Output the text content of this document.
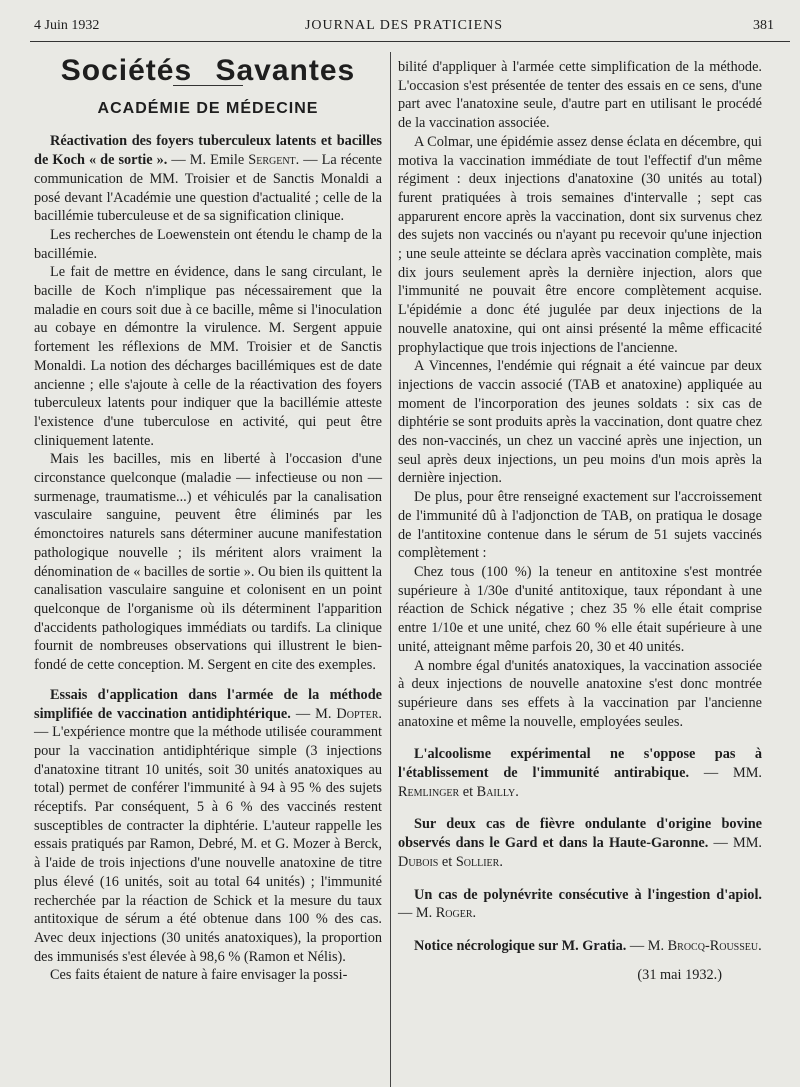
4 Juin 1932	JOURNAL DES PRATICIENS	381
Sociétés Savantes
ACADÉMIE DE MÉDECINE

Réactivation des foyers tuberculeux latents et bacilles de Koch « de sortie ». — M. Emile Sergent. — La récente communication de MM. Troisier et de Sanctis Monaldi a posé devant l'Académie une question d'actualité ; celle de la bacillémie tuberculeuse et de sa signification clinique.

Les recherches de Loewenstein ont étendu le champ de la bacillémie.

Le fait de mettre en évidence, dans le sang circulant, le bacille de Koch n'implique pas nécessairement que la maladie en cours soit due à ce bacille, même si l'inoculation au cobaye en démontre la virulence. M. Sergent appuie fortement les réflexions de MM. Troisier et de Sanctis Monaldi. La notion des décharges bacillémiques est de date ancienne ; elle s'ajoute à celle de la réactivation des foyers tuberculeux latents pour indiquer que la bacillémie atteste l'existence d'une tuberculose en activité, qui peut être cliniquement latente.

Mais les bacilles, mis en liberté à l'occasion d'une circonstance quelconque (maladie — infectieuse ou non — surmenage, traumatisme...) et véhiculés par la canalisation vasculaire sanguine, peuvent être éliminés par les émonctoires naturels sans déterminer aucune manifestation pathologique nouvelle ; ils méritent alors vraiment la dénomination de « bacilles de sortie ». Ou bien ils quittent la canalisation vasculaire sanguine et colonisent en un point quelconque de l'organisme où ils déterminent l'apparition d'accidents pathologiques immédiats ou tardifs. La clinique fournit de nombreuses observations qui illustrent le bien-fondé de cette conception. M. Sergent en cite des exemples.

Essais d'application dans l'armée de la méthode simplifiée de vaccination antidiphtérique. — M. Dopter. — L'expérience montre que la méthode utilisée couramment pour la vaccination antidiphtérique simple (3 injections d'anatoxine titrant 10 unités, soit 30 unités anatoxiques au total) permet de conférer l'immunité à 94 à 95 % des sujets réceptifs. Par conséquent, 5 à 6 % des vaccinés restent susceptibles de contracter la diphtérie. L'auteur rappelle les essais pratiqués par Ramon, Debré, M. et G. Mozer à Berck, à l'aide de trois injections d'une nouvelle anatoxine de titre plus élevé (16 unités, soit au total 64 unités) ; l'immunité recherchée par la réaction de Schick et la mesure du taux antitoxique de sérum a été obtenue dans 100 % des cas. Avec deux injections (30 unités anatoxiques), la proportion des immunisés s'est élevée à 98,6 % (Ramon et Nélis).

Ces faits étaient de nature à faire envisager la possi-

bilité d'appliquer à l'armée cette simplification de la méthode. L'occasion s'est présentée de tenter des essais en ce sens, d'une part avec l'anatoxine seule, d'autre part en utilisant le procédé de la vaccination associée.

A Colmar, une épidémie assez dense éclata en décembre, qui motiva la vaccination immédiate de tout l'effectif d'un même régiment : deux injections d'anatoxine (30 unités au total) furent pratiquées à trois semaines d'intervalle ; sept cas apparurent encore après la vaccination, dont six survenus chez des sujets non vaccinés ou n'ayant pu recevoir qu'une injection ; une seule atteinte se déclara après vaccination complète, mais dix jours seulement après la dernière injection, alors que l'immunité ne pouvait être encore complètement acquise. L'épidémie a donc été jugulée par deux injections de la nouvelle anatoxine, qui ont ainsi présenté la même efficacité prophylactique que trois injections de l'ancienne.

A Vincennes, l'endémie qui régnait a été vaincue par deux injections de vaccin associé (TAB et anatoxine) appliquée au moment de l'incorporation des jeunes soldats : six cas de diphtérie se sont produits après la vaccination, dont quatre chez des non-vaccinés, un chez un vacciné après une injection, un seul après deux injections, un peu moins d'un mois après la dernière injection.

De plus, pour être renseigné exactement sur l'accroissement de l'immunité dû à l'adjonction de TAB, on pratiqua le dosage de l'antitoxine contenue dans le sérum de 51 sujets vaccinés complètement :

Chez tous (100 %) la teneur en antitoxine s'est montrée supérieure à 1/30e d'unité antitoxique, taux répondant à une réaction de Schick négative ; chez 35 % elle était comprise entre 1/10e et une unité, chez 60 % elle était supérieure à une unité, atteignant même parfois 20, 30 et 40 unités.

A nombre égal d'unités anatoxiques, la vaccination associée à deux injections de nouvelle anatoxine s'est donc montrée supérieure dans ses effets à la vaccination par l'ancienne anatoxine et même la nouvelle, employées seules.

L'alcoolisme expérimental ne s'oppose pas à l'établissement de l'immunité antirabique. — MM. Remlinger et Bailly.

Sur deux cas de fièvre ondulante d'origine bovine observés dans le Gard et dans la Haute-Garonne. — MM. Dubois et Sollier.

Un cas de polynévrite consécutive à l'ingestion d'apiol. — M. Roger.

Notice nécrologique sur M. Gratia. — M. Brocq-Rousseu.

(31 mai 1932.)
